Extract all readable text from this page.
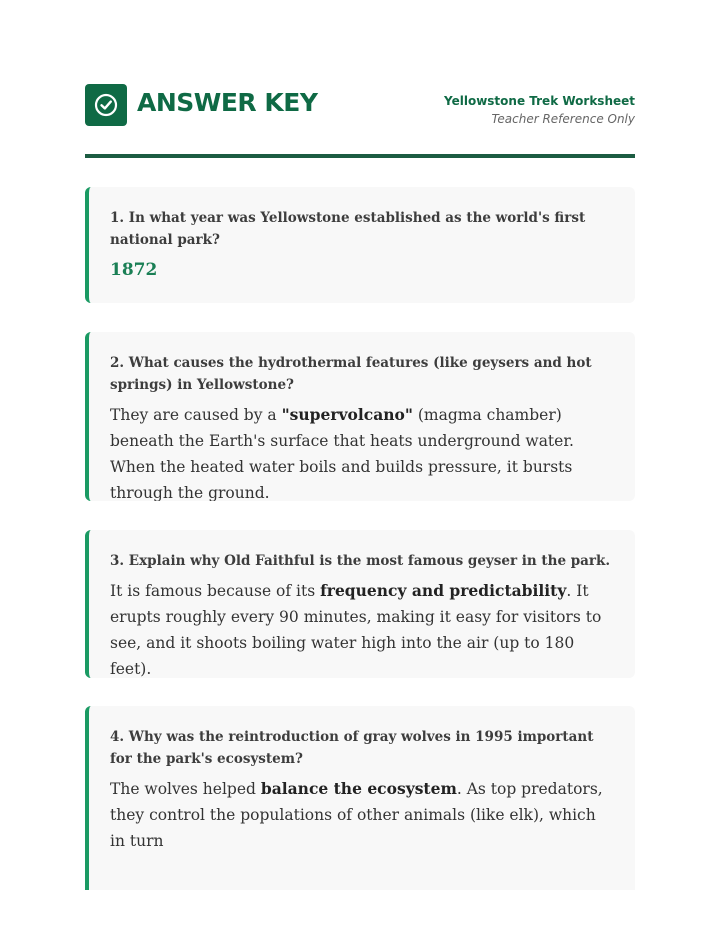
ANSWER KEY	Yellowstone Trek Worksheet
Teacher Reference Only

1. In what year was Yellowstone established as the world's first national park?

1872

2. What causes the hydrothermal features (like geysers and hot springs) in Yellowstone?

They are caused by a "supervolcano" (magma chamber) beneath the Earth's surface that heats underground water. When the heated water boils and builds pressure, it bursts through the ground.

3. Explain why Old Faithful is the most famous geyser in the park.

It is famous because of its frequency and predictability. It erupts roughly every 90 minutes, making it easy for visitors to see, and it shoots boiling water high into the air (up to 180 feet).

4. Why was the reintroduction of gray wolves in 1995 important for the park's ecosystem?

The wolves helped balance the ecosystem. As top predators, they control the populations of other animals (like elk), which in turn
